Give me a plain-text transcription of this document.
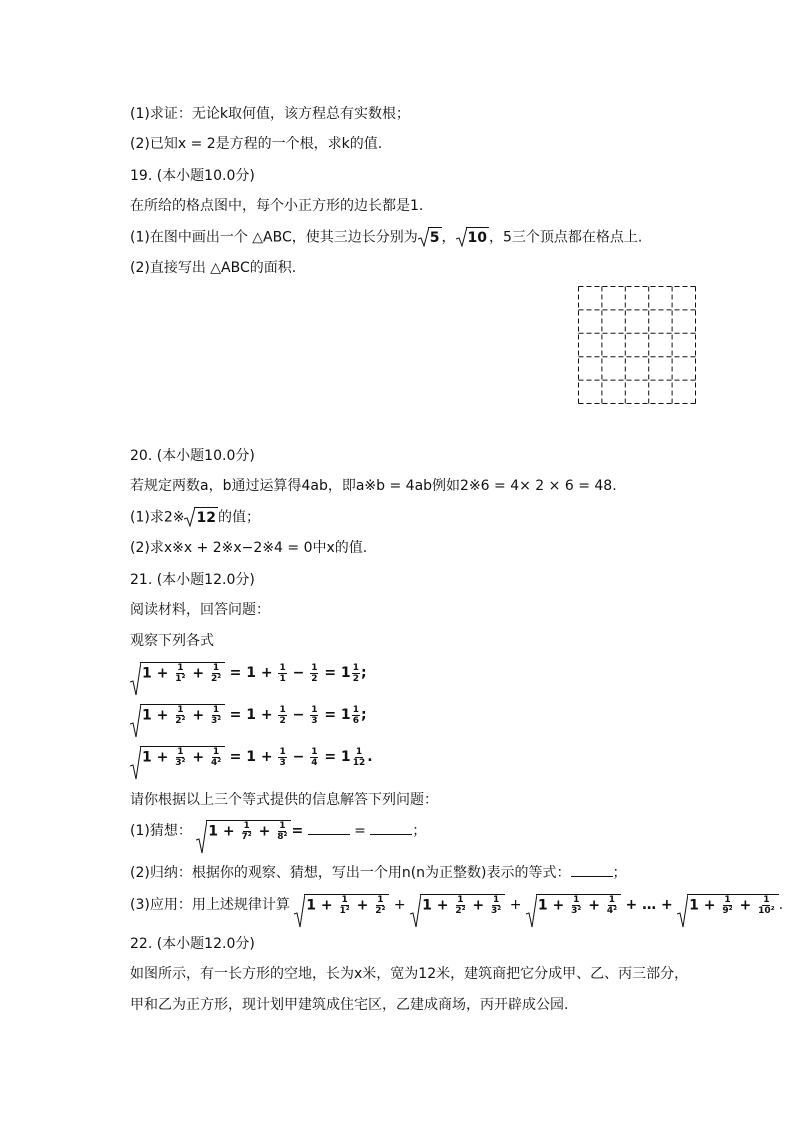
(1)求证：无论k取何值，该方程总有实数根；
(2)已知x = 2是方程的一个根，求k的值.
19. (本小题10.0分)
在所给的格点图中，每个小正方形的边长都是1.
(1)在图中画出一个 △ABC，使其三边长分别为 5 ， 10 ，5三个顶点都在格点上.
(2)直接写出 △ABC的面积.
20. (本小题10.0分)
若规定两数a，b通过运算得4ab，即a※b = 4ab例如2※6 = 4× 2 × 6 = 48.
(1)求2※ 12 的值；
(2)求x※x + 2※x−2※4 = 0中x的值.
21. (本小题12.0分)
阅读材料，回答问题：
观察下列各式
$1 + \frac{1}{\text{1²}} + \frac{1}{\text{2²}} = 1 + \frac{1}{1} - \frac{1}{2} = 1 \frac{1}{2}$ ;
$1 + \frac{1}{\text{2²}} + \frac{1}{\text{3²}} = 1 + \frac{1}{2} - \frac{1}{3} = 1 \frac{1}{6}$ ;
$1 + \frac{1}{\text{3²}} + \frac{1}{\text{4²}} = 1 + \frac{1}{3} - \frac{1}{4} = 1 \frac{1}{12}$ .
请你根据以上三个等式提供的信息解答下列问题：
(1)猜想： $1 + \frac{1}{\text{7²}} + \frac{1}{\text{8²}}$ =	=	；
(2)归纳：根据你的观察、猜想，写出一个用n(n为正整数)表示的等式：	；
(3)应用：用上述规律计算 $1 + \frac{1}{\text{1²}} + \frac{1}{\text{2²}}$ +
$1 + \frac{1}{\text{2²}} + \frac{1}{\text{3²}}$ +
$1 + \frac{1}{\text{3²}} + \frac{1}{\text{4²}}$ + … + $1 + \frac{1}{\text{9²}} + \frac{1}{\text{10²}}$ .
22. (本小题12.0分)
如图所示，有一长方形的空地，长为x米，宽为12米，建筑商把它分成甲、乙、丙三部分，
甲和乙为正方形，现计划甲建筑成住宅区，乙建成商场，丙开辟成公园.
